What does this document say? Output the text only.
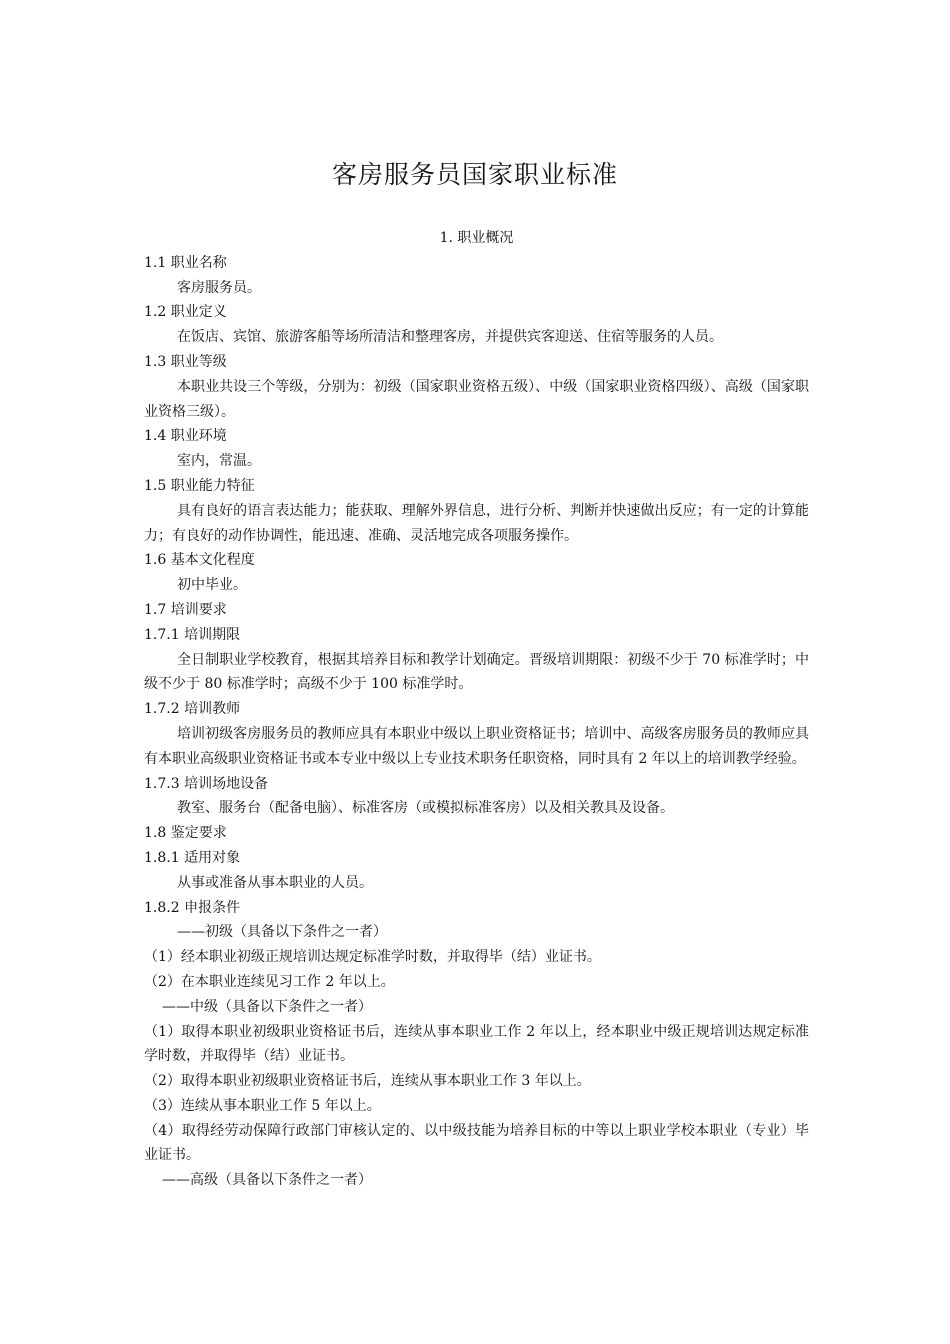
客房服务员国家职业标准

1. 职业概况

1.1 职业名称

客房服务员。

1.2 职业定义

在饭店、宾馆、旅游客船等场所清洁和整理客房，并提供宾客迎送、住宿等服务的人员。

1.3 职业等级

本职业共设三个等级，分别为：初级（国家职业资格五级）、中级（国家职业资格四级）、高级（国家职业资格三级）。

1.4 职业环境

室内，常温。

1.5 职业能力特征

具有良好的语言表达能力；能获取、理解外界信息，进行分析、判断并快速做出反应；有一定的计算能力；有良好的动作协调性，能迅速、准确、灵活地完成各项服务操作。

1.6 基本文化程度

初中毕业。

1.7 培训要求

1.7.1 培训期限

全日制职业学校教育，根据其培养目标和教学计划确定。晋级培训期限：初级不少于 70 标准学时；中级不少于 80 标准学时；高级不少于 100 标准学时。

1.7.2 培训教师

培训初级客房服务员的教师应具有本职业中级以上职业资格证书；培训中、高级客房服务员的教师应具有本职业高级职业资格证书或本专业中级以上专业技术职务任职资格，同时具有 2 年以上的培训教学经验。

1.7.3 培训场地设备

教室、服务台（配备电脑）、标准客房（或模拟标准客房）以及相关教具及设备。

1.8 鉴定要求

1.8.1 适用对象

从事或准备从事本职业的人员。

1.8.2 申报条件

——初级（具备以下条件之一者）

（1）经本职业初级正规培训达规定标准学时数，并取得毕（结）业证书。

（2）在本职业连续见习工作 2 年以上。

——中级（具备以下条件之一者）

（1）取得本职业初级职业资格证书后，连续从事本职业工作 2 年以上，经本职业中级正规培训达规定标准学时数，并取得毕（结）业证书。

（2）取得本职业初级职业资格证书后，连续从事本职业工作 3 年以上。

（3）连续从事本职业工作 5 年以上。

（4）取得经劳动保障行政部门审核认定的、以中级技能为培养目标的中等以上职业学校本职业（专业）毕业证书。

——高级（具备以下条件之一者）
